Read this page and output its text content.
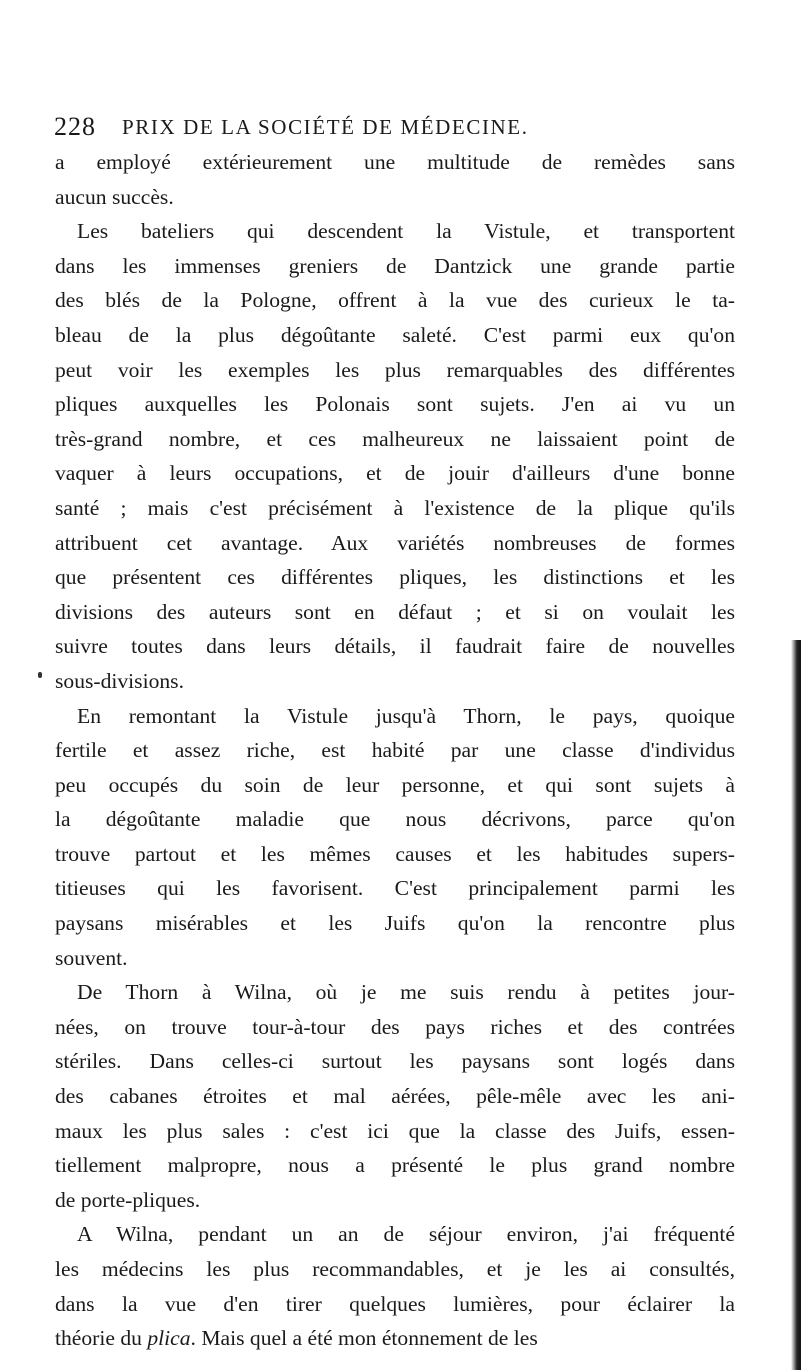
228 PRIX DE LA SOCIÉTÉ DE MÉDECINE.
a employé extérieurement une multitude de remèdes sans
aucun succès.
Les bateliers qui descendent la Vistule, et transportent
dans les immenses greniers de Dantzick une grande partie
des blés de la Pologne, offrent à la vue des curieux le ta-
bleau de la plus dégoûtante saleté. C'est parmi eux qu'on
peut voir les exemples les plus remarquables des différentes
pliques auxquelles les Polonais sont sujets. J'en ai vu un
très-grand nombre, et ces malheureux ne laissaient point de
vaquer à leurs occupations, et de jouir d'ailleurs d'une bonne
santé ; mais c'est précisément à l'existence de la plique qu'ils
attribuent cet avantage. Aux variétés nombreuses de formes
que présentent ces différentes pliques, les distinctions et les
divisions des auteurs sont en défaut ; et si on voulait les
suivre toutes dans leurs détails, il faudrait faire de nouvelles
sous-divisions.
En remontant la Vistule jusqu'à Thorn, le pays, quoique
fertile et assez riche, est habité par une classe d'individus
peu occupés du soin de leur personne, et qui sont sujets à
la dégoûtante maladie que nous décrivons, parce qu'on
trouve partout et les mêmes causes et les habitudes supers-
titieuses qui les favorisent. C'est principalement parmi les
paysans misérables et les Juifs qu'on la rencontre plus
souvent.
De Thorn à Wilna, où je me suis rendu à petites jour-
nées, on trouve tour-à-tour des pays riches et des contrées
stériles. Dans celles-ci surtout les paysans sont logés dans
des cabanes étroites et mal aérées, pêle-mêle avec les ani-
maux les plus sales : c'est ici que la classe des Juifs, essen-
tiellement malpropre, nous a présenté le plus grand nombre
de porte-pliques.
A Wilna, pendant un an de séjour environ, j'ai fréquenté
les médecins les plus recommandables, et je les ai consultés,
dans la vue d'en tirer quelques lumières, pour éclairer la
théorie du plica. Mais quel a été mon étonnement de les
